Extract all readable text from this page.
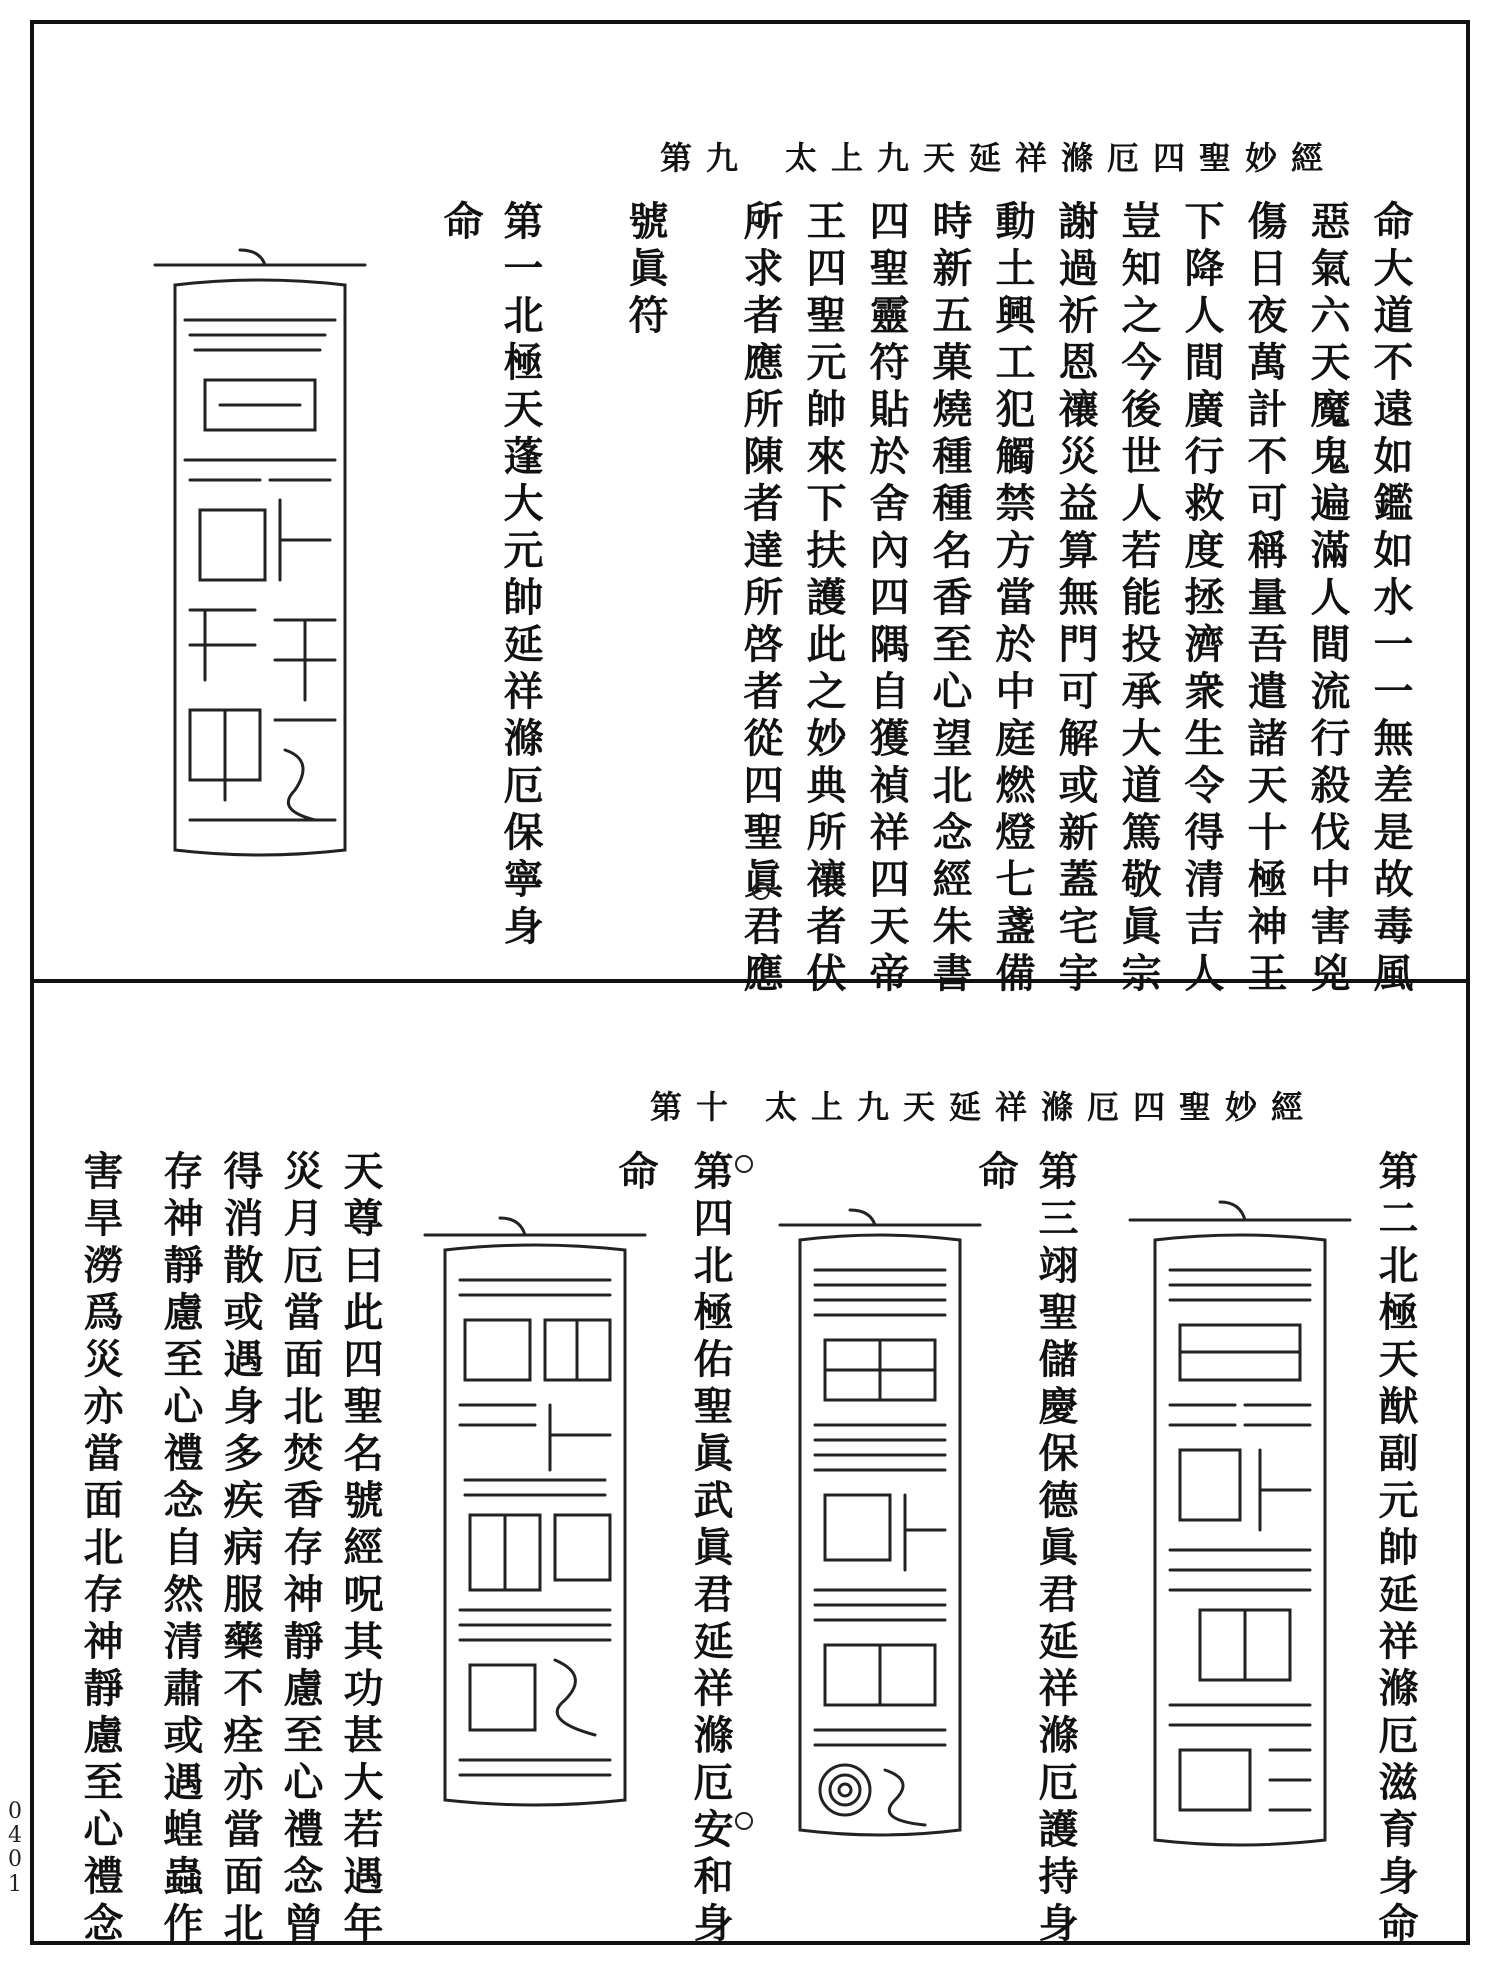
太上九天延祥滌厄四聖妙經
第九
命大道不遠如鑑如水一一無差是故毒風
惡氣六天魔鬼遍滿人間流行殺伐中害兇
傷日夜萬計不可稱量吾遣諸天十極神王
下降人間廣行救度拯濟衆生令得清吉人
豈知之今後世人若能投承大道篤敬眞宗
謝過祈恩禳災益算無門可解或新蓋宅宇
動土興工犯觸禁方當於中庭燃燈七盞備
時新五菓燒種種名香至心望北念經朱書
四聖靈符貼於舍內四隅自獲禎祥四天帝
王四聖元帥來下扶護此之妙典所禳者伏
所求者應所陳者達所啓者從四聖眞君應
號眞符
第一北極天蓬大元帥延祥滌厄保寧身
命
太上九天延祥滌厄四聖妙經
第十
第二北極天猷副元帥延祥滌厄滋育身命
第三翊聖儲慶保德眞君延祥滌厄護持身
命
第四北極佑聖眞武眞君延祥滌厄安和身
命
天尊曰此四聖名號經呪其功甚大若遇年
災月厄當面北焚香存神靜慮至心禮念曾
得消散或遇身多疾病服藥不痊亦當面北
存神靜慮至心禮念自然清肅或遇蝗蟲作
害旱澇爲災亦當面北存神靜慮至心禮念
0
4
0
1
